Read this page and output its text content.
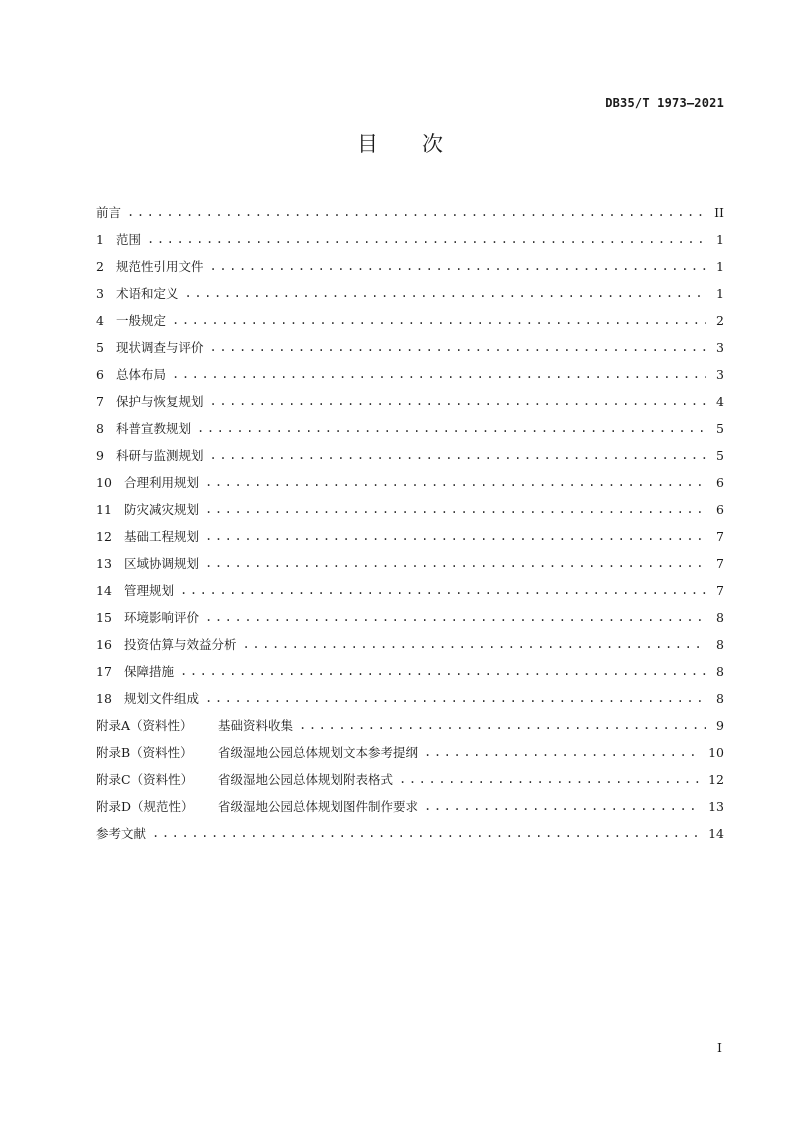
DB35/T 1973—2021
目次
前言 .....	II
1 范围 .....	1
2 规范性引用文件 .....	1
3 术语和定义 .....	1
4 一般规定 .....	2
5 现状调查与评价 .....	3
6 总体布局 .....	3
7 保护与恢复规划 .....	4
8 科普宣教规划 .....	5
9 科研与监测规划 .....	5
10 合理利用规划 .....	6
11 防灾减灾规划 .....	6
12 基础工程规划 .....	7
13 区域协调规划 .....	7
14 管理规划 .....	7
15 环境影响评价 .....	8
16 投资估算与效益分析 .....	8
17 保障措施 .....	8
18 规划文件组成 .....	8
附录A（资料性） 基础资料收集 .....	9
附录B（资料性） 省级湿地公园总体规划文本参考提纲 .....	10
附录C（资料性） 省级湿地公园总体规划附表格式 .....	12
附录D（规范性） 省级湿地公园总体规划图件制作要求 .....	13
参考文献 .....	14
I
